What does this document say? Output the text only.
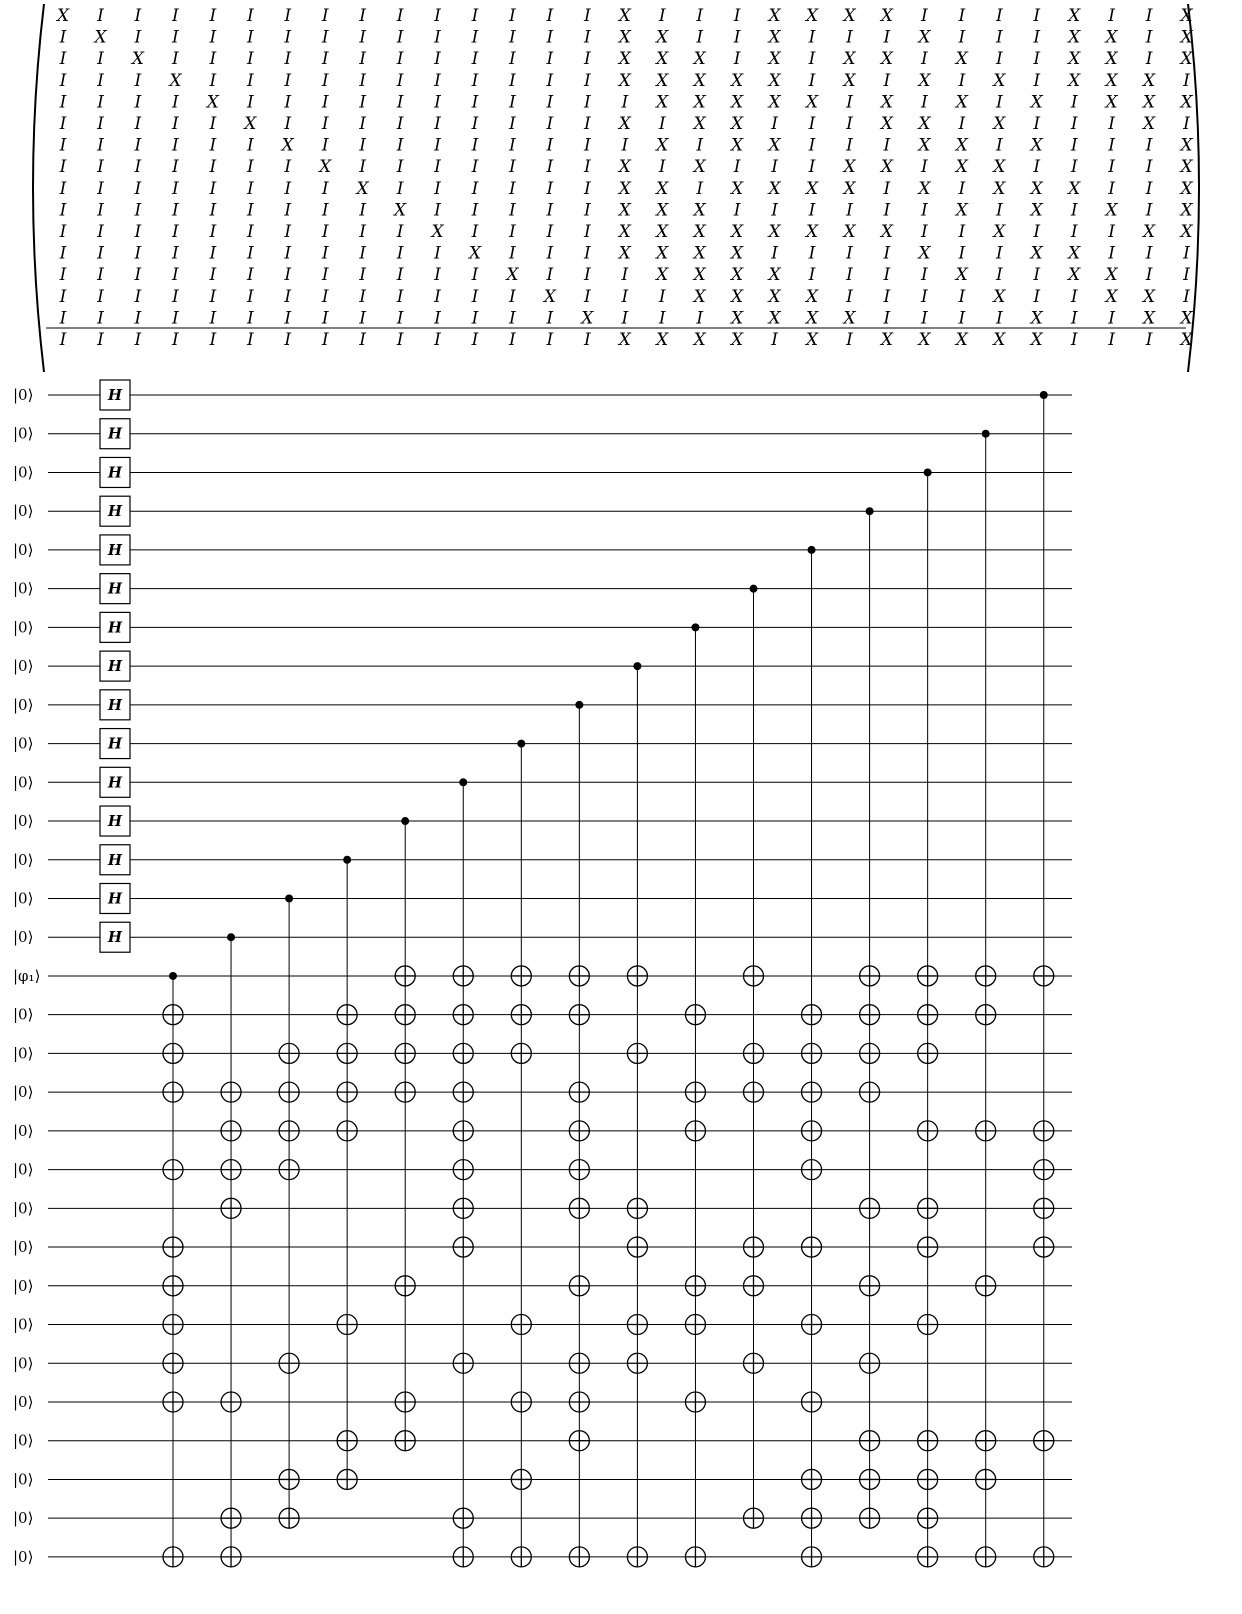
X I I I I I I I I I I I I I I X I I I X X X X I I I I X I I X
I X I I I I I I I I I I I I I X X I I X I I I X I I I X X I X
I I X I I I I I I I I I I I I X X X I X I X X I X I I X X I X
I I I X I I I I I I I I I I I X X X X X I X I X I X I X X X I
I I I I X I I I I I I I I I I I X X X X X I X I X I X I X X X
I I I I I X I I I I I I I I I X I X X I I I X X I X I I I X I
I I I I I I X I I I I I I I I I X I X X I I I X X I X I I I X
I I I I I I I X I I I I I I I X I X I I I X X I X X I I I I X
I I I I I I I I X I I I I I I X X I X X X X I X I X X X I I X
I I I I I I I I I X I I I I I X X X I I I I I I X I X I X I X
I I I I I I I I I I X I I I I X X X X X X X X I I X I I I X X
I I I I I I I I I I I X I I I X X X X I I I I X I I X X I I I
I I I I I I I I I I I I X I I I X X X X I I I I X I I X X I I
I I I I I I I I I I I I I X I I I X X X X I I I I X I I X X I
I I I I I I I I I I I I I I X I I I X X X X I I I I X I I X X
I I I I I I I I I I I I I I I X X X X I X I X X X X X I I I X
|0⟩	H
|0⟩	H
|0⟩	H
|0⟩	H
|0⟩	H
|0⟩	H
|0⟩	H
|0⟩	H
|0⟩	H
|0⟩	H
|0⟩	H
|0⟩	H
|0⟩	H
|0⟩	H
|0⟩	H
|φ₁⟩
|0⟩
|0⟩
|0⟩
|0⟩
|0⟩
|0⟩
|0⟩
|0⟩
|0⟩
|0⟩
|0⟩
|0⟩
|0⟩
|0⟩
|0⟩
